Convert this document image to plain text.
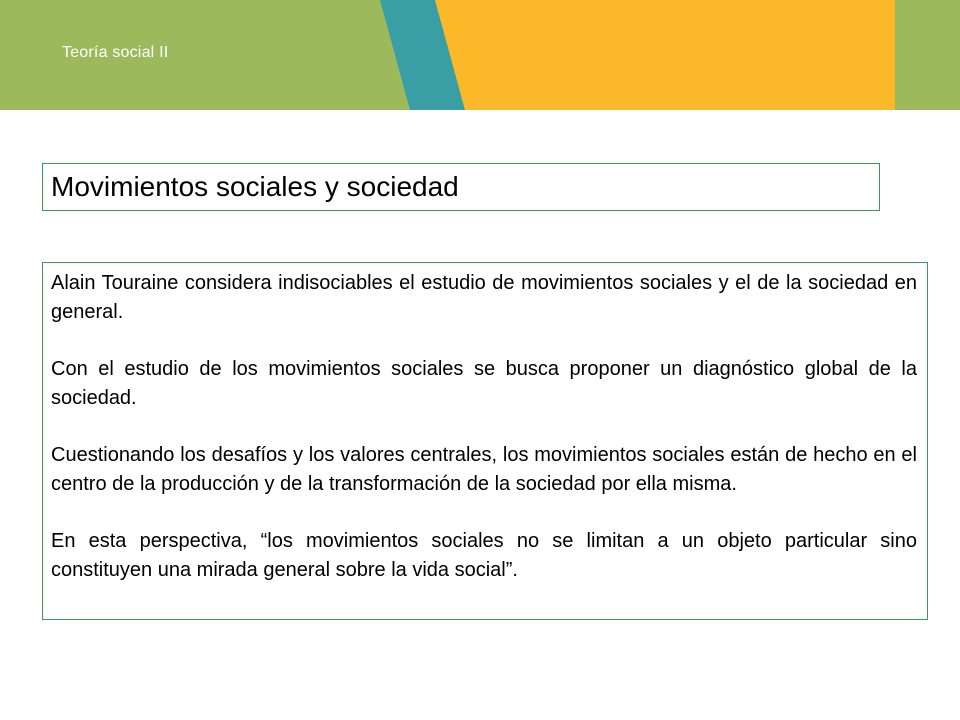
Teoría social II
Movimientos sociales y sociedad

Alain Touraine considera indisociables el estudio de movimientos sociales y el de la sociedad en general.

Con el estudio de los movimientos sociales se busca proponer un diagnóstico global de la sociedad.

Cuestionando los desafíos y los valores centrales, los movimientos sociales están de hecho en el centro de la producción y de la transformación de la sociedad por ella misma.

En esta perspectiva, “los movimientos sociales no se limitan a un objeto particular sino constituyen una mirada general sobre la vida social”.
